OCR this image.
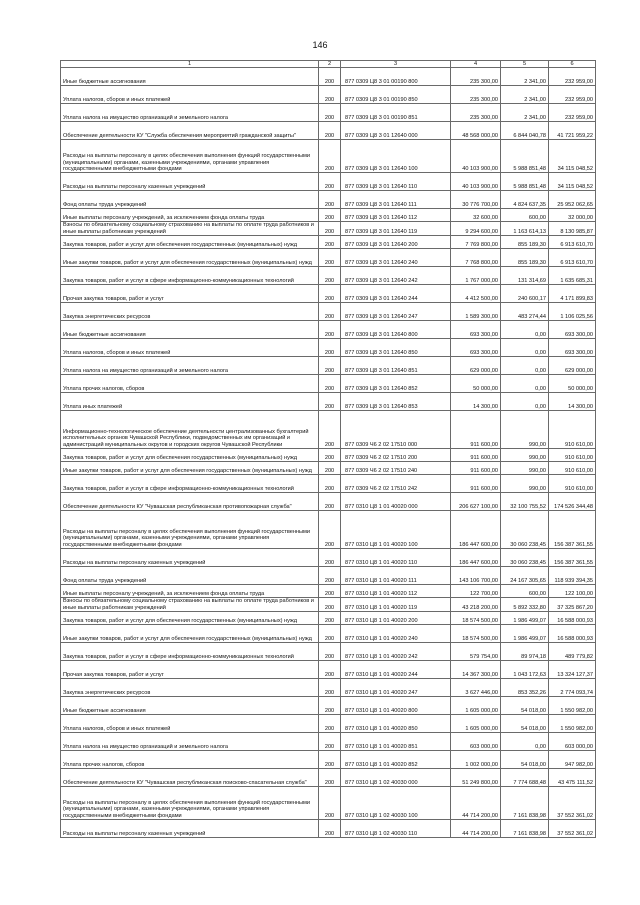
146
1	2	3	4	5	6
Иные бюджетные ассигнования	200	877 0309 Ц8 3 01 00190 800	235 300,00	2 341,00	232 959,00
Уплата налогов, сборов и иных платежей	200	877 0309 Ц8 3 01 00190 850	235 300,00	2 341,00	232 959,00
Уплата налога на имущество организаций и земельного налога	200	877 0309 Ц8 3 01 00190 851	235 300,00	2 341,00	232 959,00
Обеспечение деятельности КУ "Служба обеспечения мероприятий гражданской защиты"	200	877 0309 Ц8 3 01 12640 000	48 568 000,00	6 844 040,78	41 721 959,22
Расходы на выплаты персоналу в целях обеспечения выполнения функций государственными (муниципальными) органами, казенными учреждениями, органами управления государственными внебюджетными фондами	200	877 0309 Ц8 3 01 12640 100	40 103 900,00	5 988 851,48	34 115 048,52
Расходы на выплаты персоналу казенных учреждений	200	877 0309 Ц8 3 01 12640 110	40 103 900,00	5 988 851,48	34 115 048,52
Фонд оплаты труда учреждений	200	877 0309 Ц8 3 01 12640 111	30 776 700,00	4 824 637,35	25 952 062,65
Иные выплаты персоналу учреждений, за исключением фонда оплаты труда	200	877 0309 Ц8 3 01 12640 112	32 600,00	600,00	32 000,00
Взносы по обязательному социальному страхованию на выплаты по оплате труда работников и иные выплаты работникам учреждений	200	877 0309 Ц8 3 01 12640 119	9 294 600,00	1 163 614,13	8 130 985,87
Закупка товаров, работ и услуг для обеспечения государственных (муниципальных) нужд	200	877 0309 Ц8 3 01 12640 200	7 769 800,00	855 189,30	6 913 610,70
Иные закупки товаров, работ и услуг для обеспечения государственных (муниципальных) нужд	200	877 0309 Ц8 3 01 12640 240	7 768 800,00	855 189,30	6 913 610,70
Закупка товаров, работ и услуг в сфере информационно-коммуникационных технологий	200	877 0309 Ц8 3 01 12640 242	1 767 000,00	131 314,69	1 635 685,31
Прочая закупка товаров, работ и услуг	200	877 0309 Ц8 3 01 12640 244	4 412 500,00	240 600,17	4 171 899,83
Закупка энергетических ресурсов	200	877 0309 Ц8 3 01 12640 247	1 589 300,00	483 274,44	1 106 025,56
Иные бюджетные ассигнования	200	877 0309 Ц8 3 01 12640 800	693 300,00	0,00	693 300,00
Уплата налогов, сборов и иных платежей	200	877 0309 Ц8 3 01 12640 850	693 300,00	0,00	693 300,00
Уплата налога на имущество организаций и земельного налога	200	877 0309 Ц8 3 01 12640 851	629 000,00	0,00	629 000,00
Уплата прочих налогов, сборов	200	877 0309 Ц8 3 01 12640 852	50 000,00	0,00	50 000,00
Уплата иных платежей	200	877 0309 Ц8 3 01 12640 853	14 300,00	0,00	14 300,00
Информационно-технологическое обеспечение деятельности централизованных бухгалтерий исполнительных органов Чувашской Республики, подведомственных им организаций и администраций муниципальных округов и городских округов Чувашской Республики	200	877 0309 Ч6 2 02 17510 000	911 600,00	990,00	910 610,00
Закупка товаров, работ и услуг для обеспечения государственных (муниципальных) нужд	200	877 0309 Ч6 2 02 17510 200	911 600,00	990,00	910 610,00
Иные закупки товаров, работ и услуг для обеспечения государственных (муниципальных) нужд	200	877 0309 Ч6 2 02 17510 240	911 600,00	990,00	910 610,00
Закупка товаров, работ и услуг в сфере информационно-коммуникационных технологий	200	877 0309 Ч6 2 02 17510 242	911 600,00	990,00	910 610,00
Обеспечение деятельности КУ "Чувашская республиканская противопожарная служба"	200	877 0310 Ц8 1 01 40020 000	206 627 100,00	32 100 755,52	174 526 344,48
Расходы на выплаты персоналу в целях обеспечения выполнения функций государственными (муниципальными) органами, казенными учреждениями, органами управления государственными внебюджетными фондами	200	877 0310 Ц8 1 01 40020 100	186 447 600,00	30 060 238,45	156 387 361,55
Расходы на выплаты персоналу казенных учреждений	200	877 0310 Ц8 1 01 40020 110	186 447 600,00	30 060 238,45	156 387 361,55
Фонд оплаты труда учреждений	200	877 0310 Ц8 1 01 40020 111	143 106 700,00	24 167 305,65	118 939 394,35
Иные выплаты персоналу учреждений, за исключением фонда оплаты труда	200	877 0310 Ц8 1 01 40020 112	122 700,00	600,00	122 100,00
Взносы по обязательному социальному страхованию на выплаты по оплате труда работников и иные выплаты работникам учреждений	200	877 0310 Ц8 1 01 40020 119	43 218 200,00	5 892 332,80	37 325 867,20
Закупка товаров, работ и услуг для обеспечения государственных (муниципальных) нужд	200	877 0310 Ц8 1 01 40020 200	18 574 500,00	1 986 499,07	16 588 000,93
Иные закупки товаров, работ и услуг для обеспечения государственных (муниципальных) нужд	200	877 0310 Ц8 1 01 40020 240	18 574 500,00	1 986 499,07	16 588 000,93
Закупка товаров, работ и услуг в сфере информационно-коммуникационных технологий	200	877 0310 Ц8 1 01 40020 242	579 754,00	89 974,18	489 779,82
Прочая закупка товаров, работ и услуг	200	877 0310 Ц8 1 01 40020 244	14 367 300,00	1 043 172,63	13 324 127,37
Закупка энергетических ресурсов	200	877 0310 Ц8 1 01 40020 247	3 627 446,00	853 352,26	2 774 093,74
Иные бюджетные ассигнования	200	877 0310 Ц8 1 01 40020 800	1 605 000,00	54 018,00	1 550 982,00
Уплата налогов, сборов и иных платежей	200	877 0310 Ц8 1 01 40020 850	1 605 000,00	54 018,00	1 550 982,00
Уплата налога на имущество организаций и земельного налога	200	877 0310 Ц8 1 01 40020 851	603 000,00	0,00	603 000,00
Уплата прочих налогов, сборов	200	877 0310 Ц8 1 01 40020 852	1 002 000,00	54 018,00	947 982,00
Обеспечение деятельности КУ "Чувашская республиканская поисково-спасательная служба"	200	877 0310 Ц8 1 02 40030 000	51 249 800,00	7 774 688,48	43 475 111,52
Расходы на выплаты персоналу в целях обеспечения выполнения функций государственными (муниципальными) органами, казенными учреждениями, органами управления государственными внебюджетными фондами	200	877 0310 Ц8 1 02 40030 100	44 714 200,00	7 161 838,98	37 552 361,02
Расходы на выплаты персоналу казенных учреждений	200	877 0310 Ц8 1 02 40030 110	44 714 200,00	7 161 838,98	37 552 361,02
